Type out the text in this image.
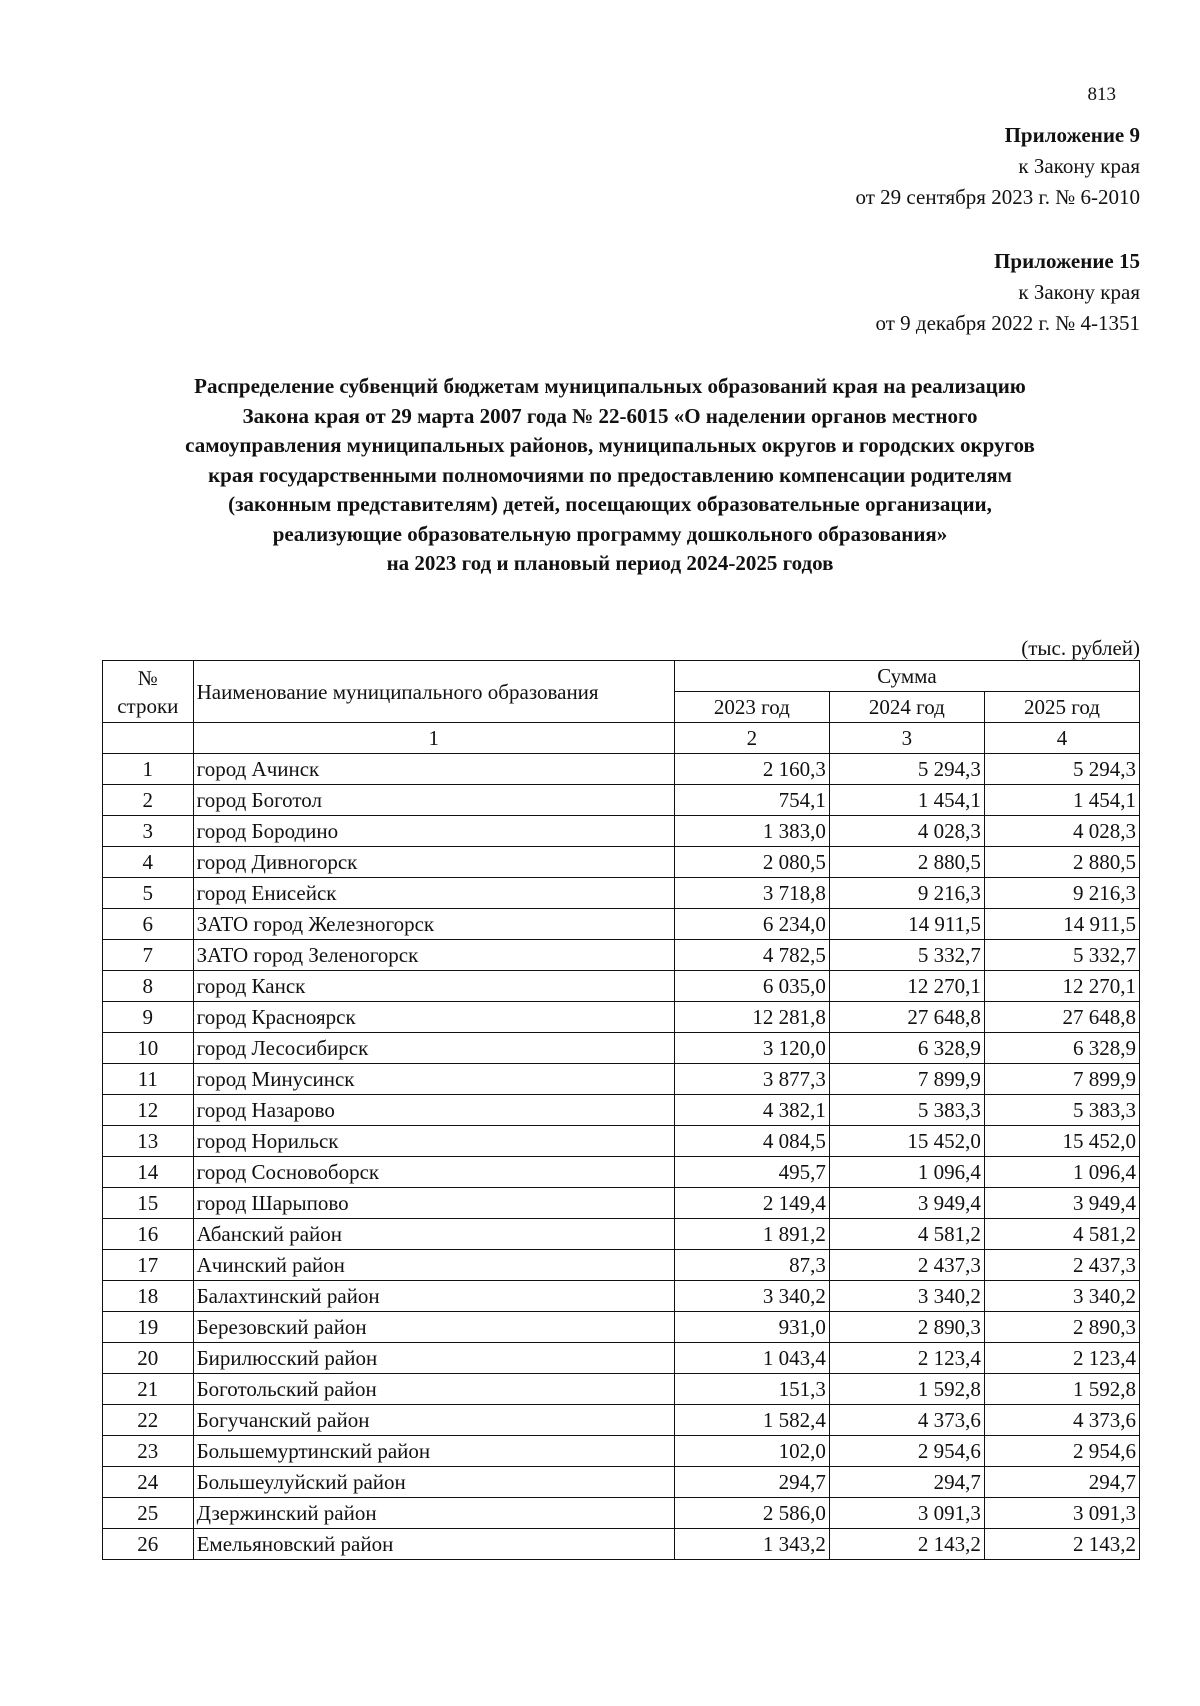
813
Приложение 9
к Закону края
от 29 сентября 2023 г. № 6-2010
Приложение 15
к Закону края
от 9 декабря 2022 г. № 4-1351
Распределение субвенций бюджетам муниципальных образований края на реализацию
Закона края от 29 марта 2007 года № 22-6015 «О наделении органов местного
самоуправления муниципальных районов, муниципальных округов и городских округов
края государственными полномочиями по предоставлению компенсации родителям
(законным представителям) детей, посещающих образовательные организации,
реализующие образовательную программу дошкольного образования»
на 2023 год и плановый период 2024-2025 годов
(тыс. рублей)
№ строки	Наименование муниципального образования	Сумма		
		2023 год	2024 год	2025 год
	1	2	3	4
1	город Ачинск	2 160,3	5 294,3	5 294,3
2	город Боготол	754,1	1 454,1	1 454,1
3	город Бородино	1 383,0	4 028,3	4 028,3
4	город Дивногорск	2 080,5	2 880,5	2 880,5
5	город Енисейск	3 718,8	9 216,3	9 216,3
6	ЗАТО город Железногорск	6 234,0	14 911,5	14 911,5
7	ЗАТО город Зеленогорск	4 782,5	5 332,7	5 332,7
8	город Канск	6 035,0	12 270,1	12 270,1
9	город Красноярск	12 281,8	27 648,8	27 648,8
10	город Лесосибирск	3 120,0	6 328,9	6 328,9
11	город Минусинск	3 877,3	7 899,9	7 899,9
12	город Назарово	4 382,1	5 383,3	5 383,3
13	город Норильск	4 084,5	15 452,0	15 452,0
14	город Сосновоборск	495,7	1 096,4	1 096,4
15	город Шарыпово	2 149,4	3 949,4	3 949,4
16	Абанский район	1 891,2	4 581,2	4 581,2
17	Ачинский район	87,3	2 437,3	2 437,3
18	Балахтинский район	3 340,2	3 340,2	3 340,2
19	Березовский район	931,0	2 890,3	2 890,3
20	Бирилюсский район	1 043,4	2 123,4	2 123,4
21	Боготольский район	151,3	1 592,8	1 592,8
22	Богучанский район	1 582,4	4 373,6	4 373,6
23	Большемуртинский район	102,0	2 954,6	2 954,6
24	Большеулуйский район	294,7	294,7	294,7
25	Дзержинский район	2 586,0	3 091,3	3 091,3
26	Емельяновский район	1 343,2	2 143,2	2 143,2
